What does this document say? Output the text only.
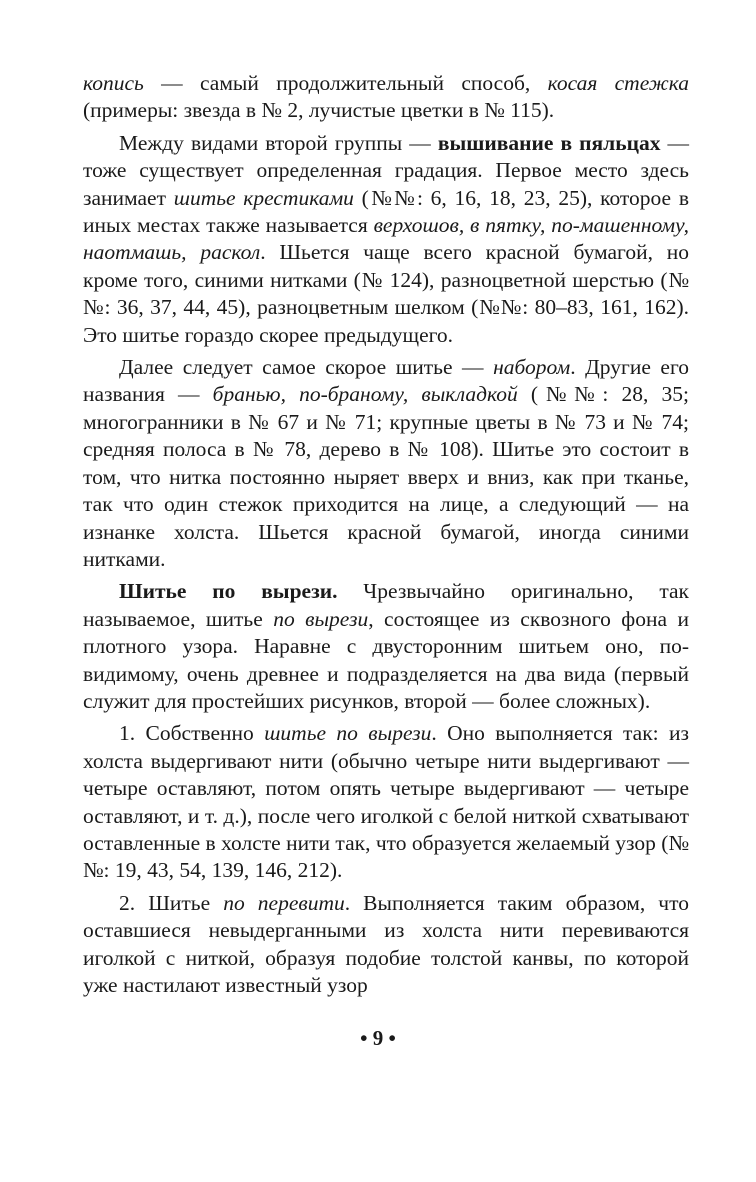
копись — самый продолжительный способ, косая стежка (примеры: звезда в № 2, лучистые цветки в № 115).

Между видами второй группы — вышивание в пяльцах — тоже существует определенная градация. Первое место здесь занимает шитье крестиками (№№: 6, 16, 18, 23, 25), которое в иных местах также называется верхошов, в пятку, по-машенному, наотмашь, раскол. Шьется чаще всего красной бумагой, но кроме того, синими нитками (№ 124), разноцветной шерстью (№№: 36, 37, 44, 45), разноцветным шелком (№№: 80–83, 161, 162). Это шитье гораздо скорее предыдущего.

Далее следует самое скорое шитье — набором. Другие его названия — бранью, по-браному, выкладкой (№№: 28, 35; многогранники в № 67 и № 71; крупные цветы в № 73 и № 74; средняя полоса в № 78, дерево в № 108). Шитье это состоит в том, что нитка постоянно ныряет вверх и вниз, как при тканье, так что один стежок приходится на лице, а следующий — на изнанке холста. Шьется красной бумагой, иногда синими нитками.

Шитье по вырези. Чрезвычайно оригинально, так называемое, шитье по вырези, состоящее из сквозного фона и плотного узора. Наравне с двусторонним шитьем оно, по-видимому, очень древнее и подразделяется на два вида (первый служит для простейших рисунков, второй — более сложных).

1. Собственно шитье по вырези. Оно выполняется так: из холста выдергивают нити (обычно четыре нити выдергивают — четыре оставляют, потом опять четыре выдергивают — четыре оставляют, и т. д.), после чего иголкой с белой ниткой схватывают оставленные в холсте нити так, что образуется желаемый узор (№№: 19, 43, 54, 139, 146, 212).

2. Шитье по перевити. Выполняется таким образом, что оставшиеся невыдерганными из холста нити перевиваются иголкой с ниткой, образуя подобие толстой канвы, по которой уже настилают известный узор

• 9 •
